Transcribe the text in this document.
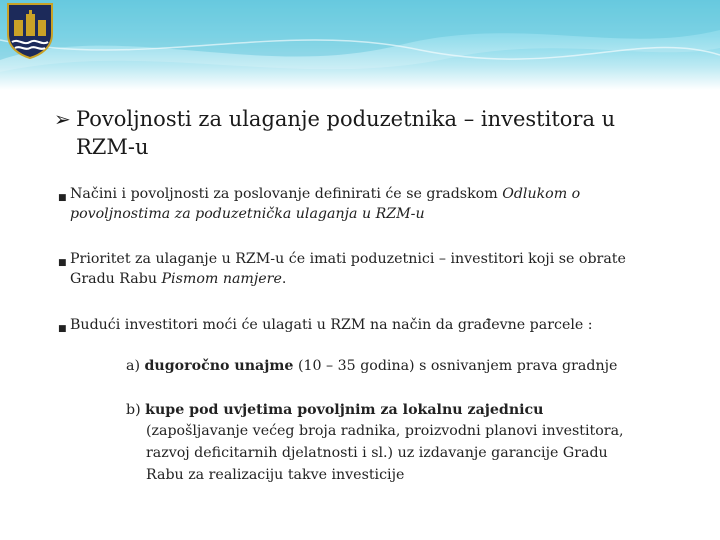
➢ Povoljnosti za ulaganje poduzetnika – investitora u
RZM-u
■ Načini i povoljnosti za poslovanje definirati će se gradskom Odlukom o
povoljnostima za poduzetnička ulaganja u RZM-u
■ Prioritet za ulaganje u RZM-u će imati poduzetnici – investitori koji se obrate
Gradu Rabu Pismom namjere.
■ Budući investitori moći će ulagati u RZM na način da građevne parcele :
a) dugoročno unajme (10 – 35 godina) s osnivanjem prava gradnje
b) kupe pod uvjetima povoljnim za lokalnu zajednicu
(zapošljavanje većeg broja radnika, proizvodni planovi investitora,
razvoj deficitarnih djelatnosti i sl.) uz izdavanje garancije Gradu
Rabu za realizaciju takve investicije
